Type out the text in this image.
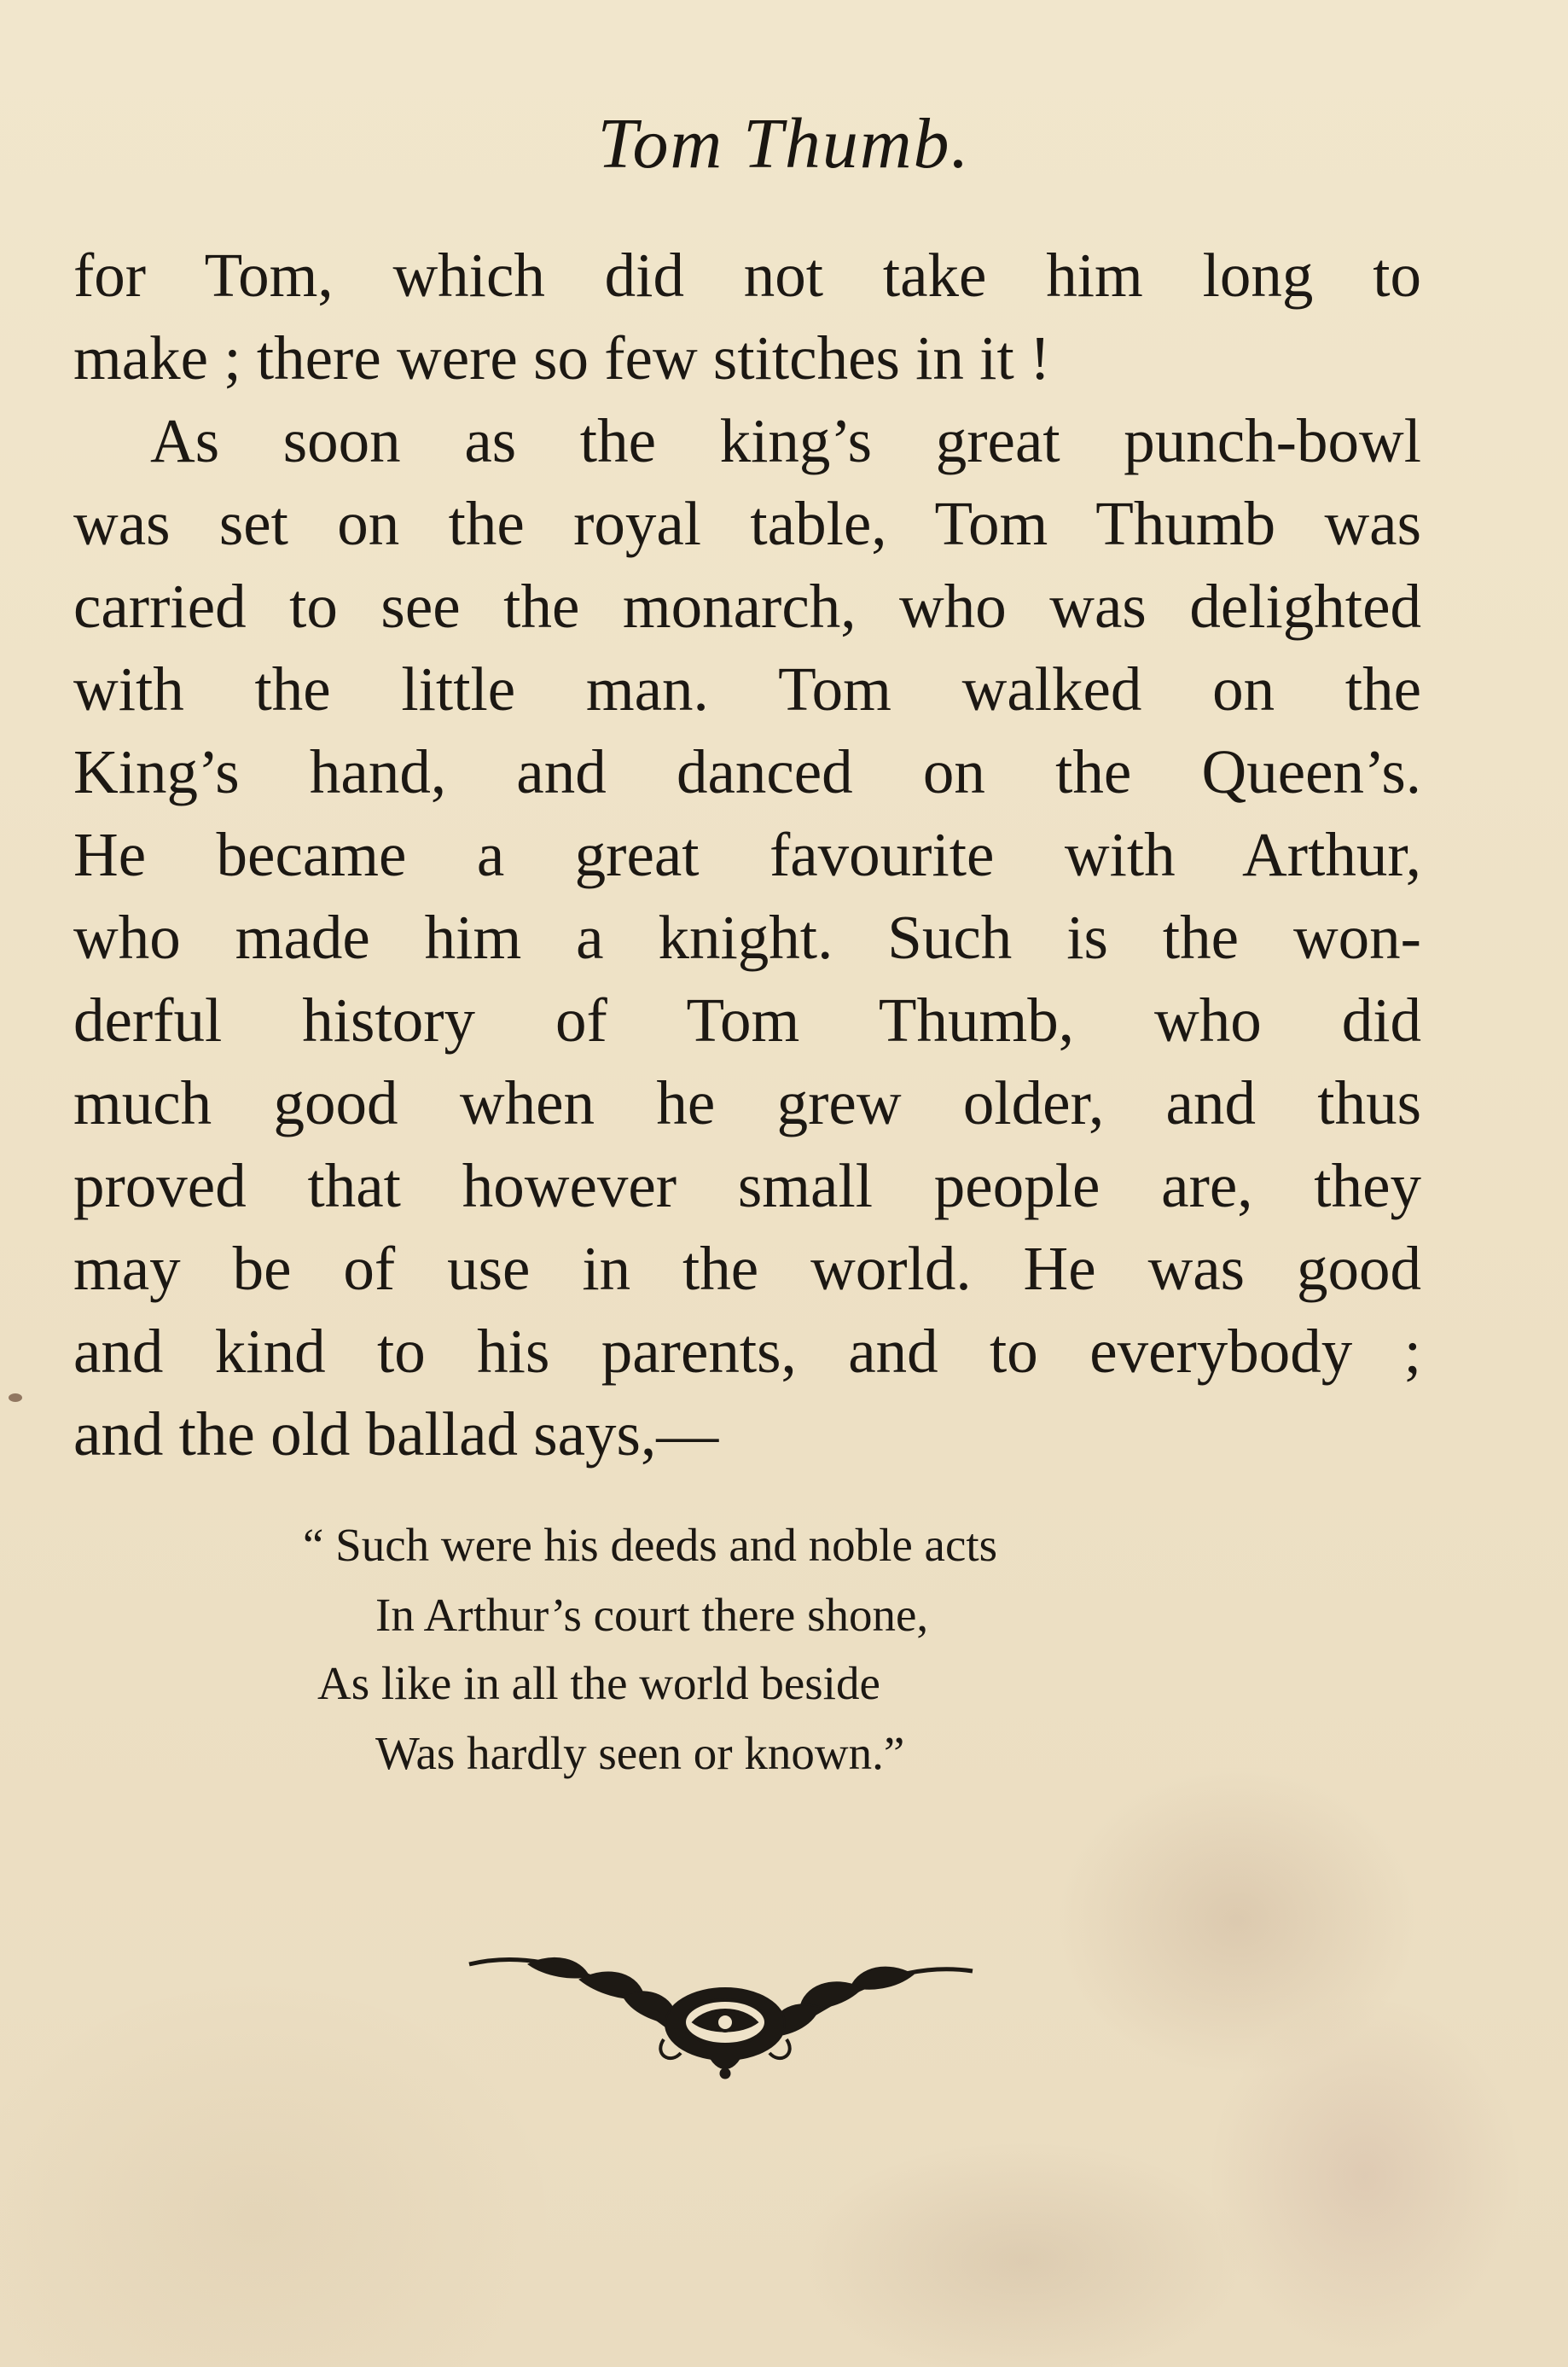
Tom Thumb.
for Tom, which did not take him long to
make ; there were so few stitches in it !
As soon as the king’s great punch-bowl
was set on the royal table, Tom Thumb was
carried to see the monarch, who was delighted
with the little man. Tom walked on the
King’s hand, and danced on the Queen’s.
He became a great favourite with Arthur,
who made him a knight. Such is the won-
derful history of Tom Thumb, who did
much good when he grew older, and thus
proved that however small people are, they
may be of use in the world. He was good
and kind to his parents, and to everybody ;
and the old ballad says,—
“ Such were his deeds and noble acts
In Arthur’s court there shone,
As like in all the world beside
Was hardly seen or known.”
